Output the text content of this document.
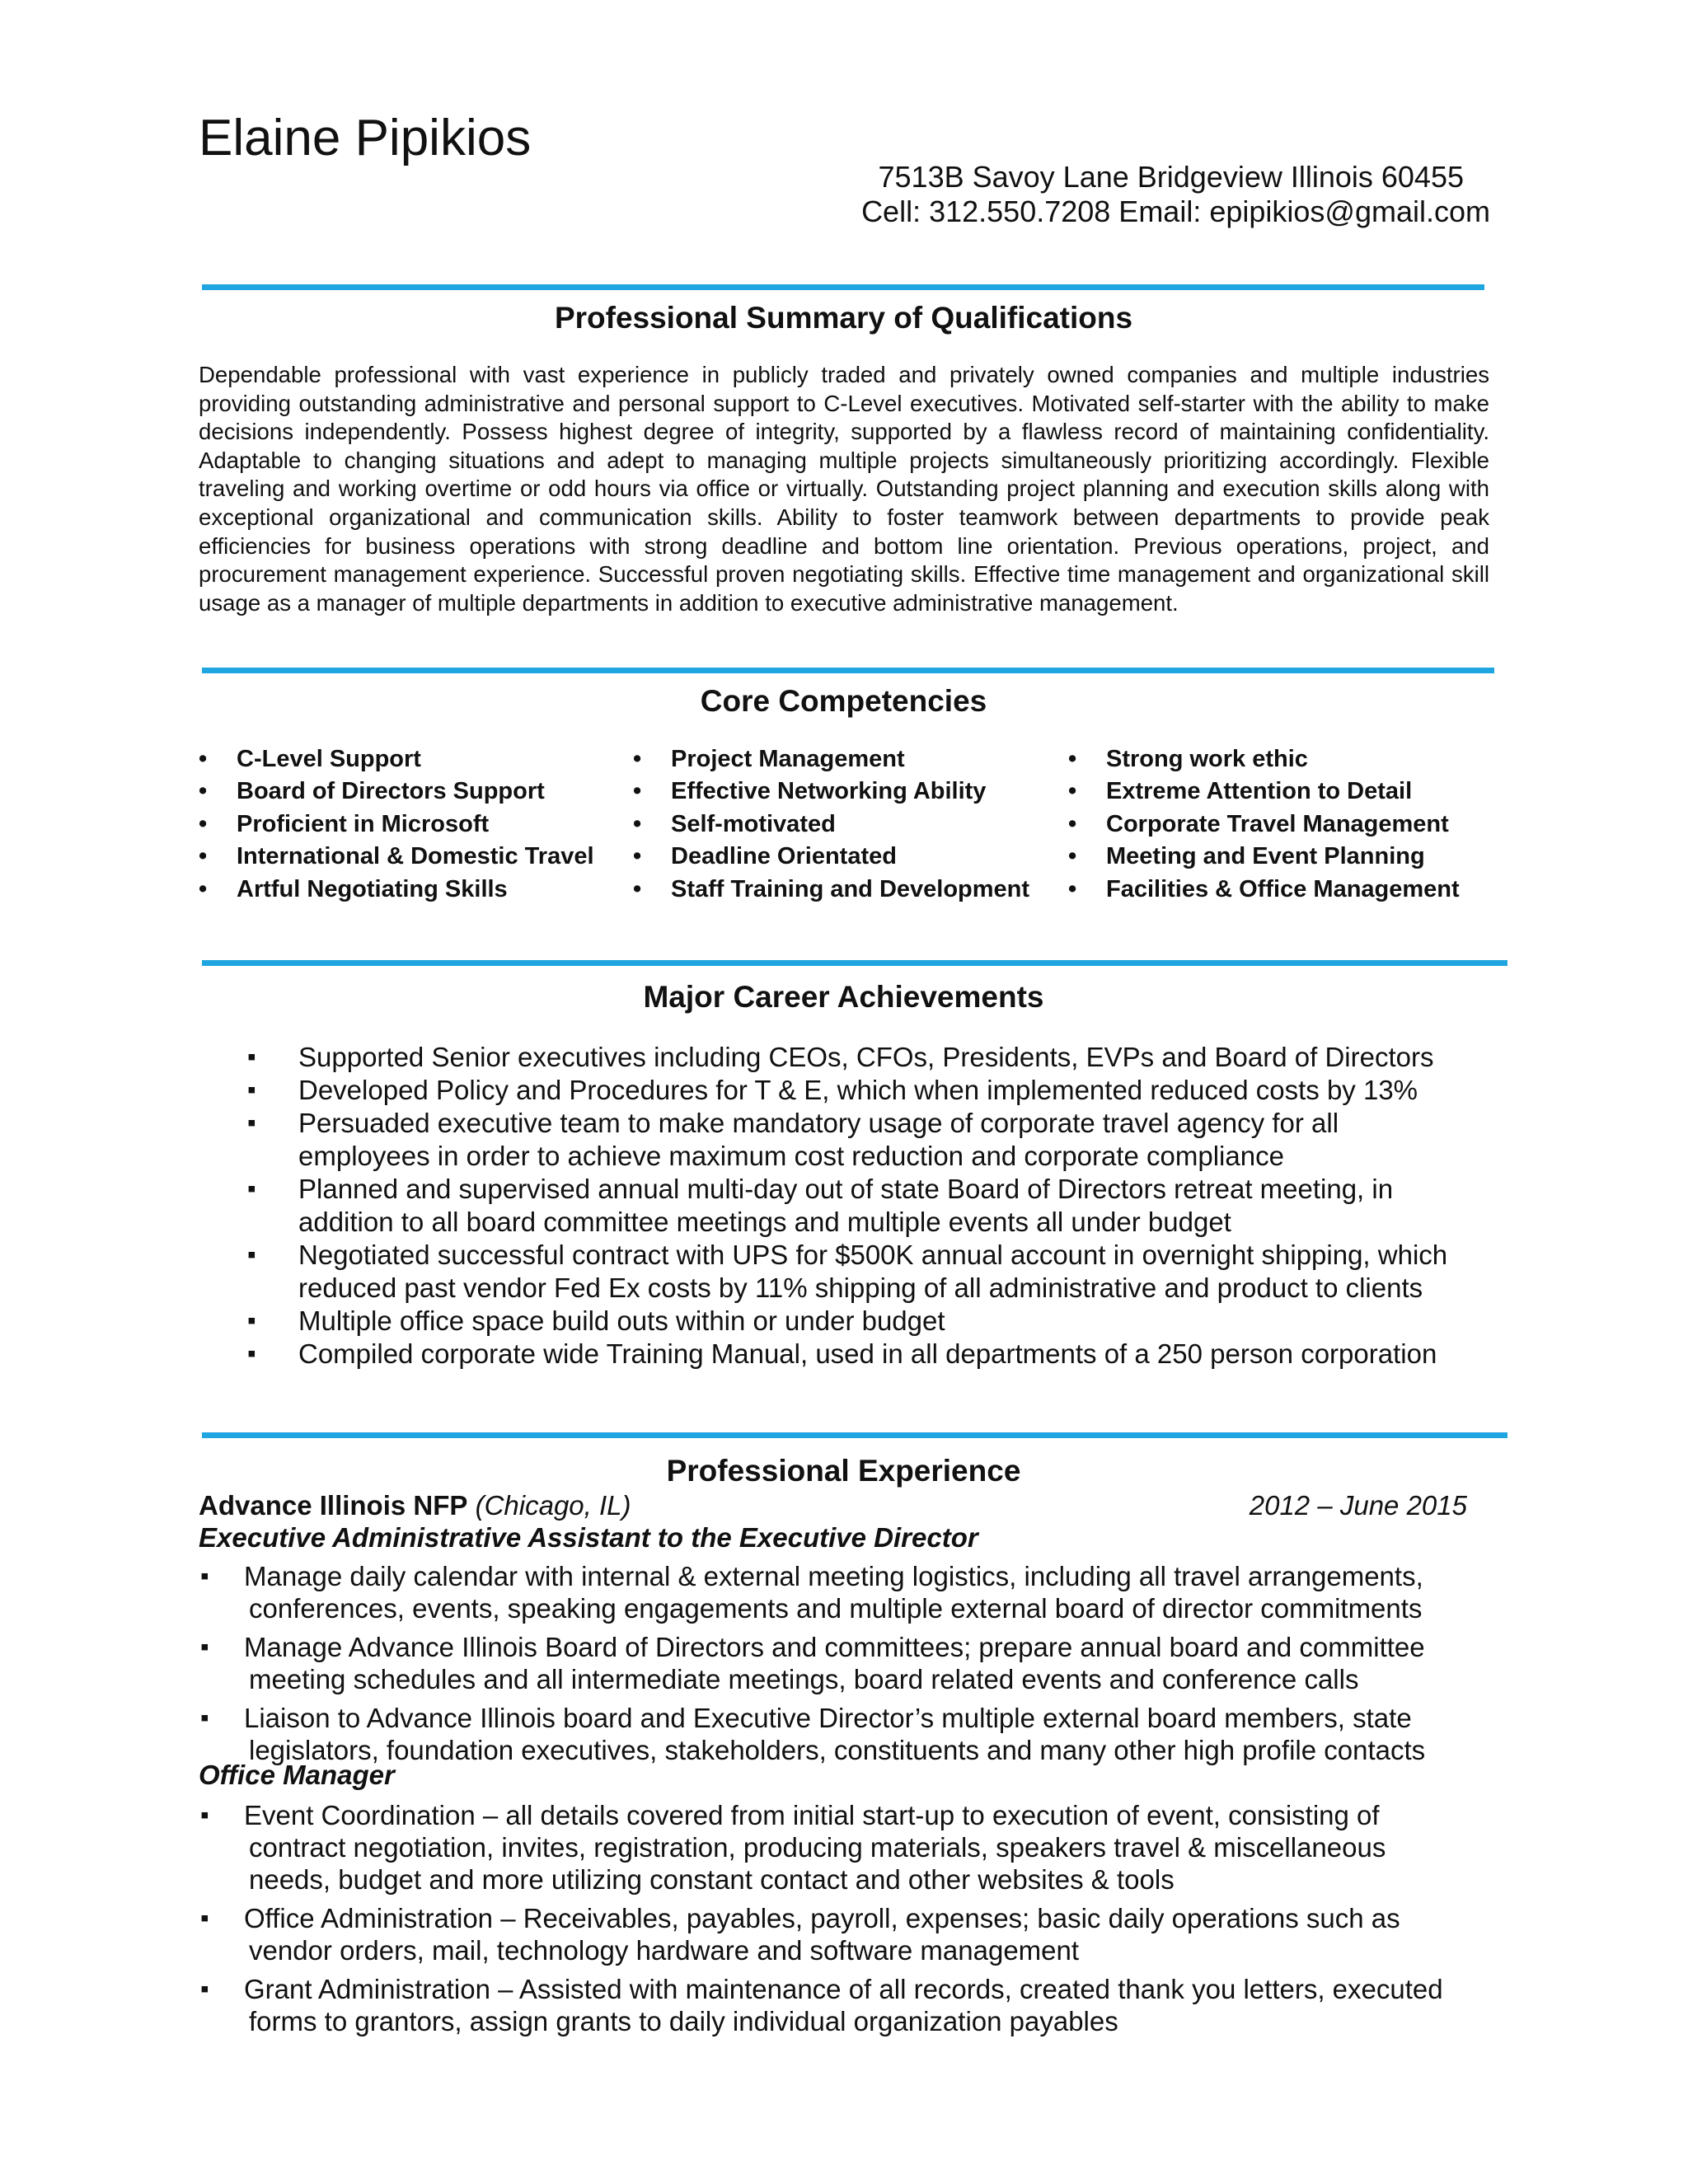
Elaine Pipikios
7513B Savoy Lane Bridgeview Illinois 60455
Cell: 312.550.7208 Email: epipikios@gmail.com
Professional Summary of Qualifications
Dependable professional with vast experience in publicly traded and privately owned companies and multiple industries providing outstanding administrative and personal support to C-Level executives. Motivated self-starter with the ability to make decisions independently. Possess highest degree of integrity, supported by a flawless record of maintaining confidentiality. Adaptable to changing situations and adept to managing multiple projects simultaneously prioritizing accordingly. Flexible traveling and working overtime or odd hours via office or virtually. Outstanding project planning and execution skills along with exceptional organizational and communication skills. Ability to foster teamwork between departments to provide peak efficiencies for business operations with strong deadline and bottom line orientation. Previous operations, project, and procurement management experience. Successful proven negotiating skills. Effective time management and organizational skill usage as a manager of multiple departments in addition to executive administrative management.
Core Competencies
• C-Level Support
• Board of Directors Support
• Proficient in Microsoft
• International & Domestic Travel
• Artful Negotiating Skills
• Project Management
• Effective Networking Ability
• Self-motivated
• Deadline Orientated
• Staff Training and Development
• Strong work ethic
• Extreme Attention to Detail
• Corporate Travel Management
• Meeting and Event Planning
• Facilities & Office Management
Major Career Achievements
▪ Supported Senior executives including CEOs, CFOs, Presidents, EVPs and Board of Directors
▪ Developed Policy and Procedures for T & E, which when implemented reduced costs by 13%
▪ Persuaded executive team to make mandatory usage of corporate travel agency for all
employees in order to achieve maximum cost reduction and corporate compliance
▪ Planned and supervised annual multi-day out of state Board of Directors retreat meeting, in
addition to all board committee meetings and multiple events all under budget
▪ Negotiated successful contract with UPS for $500K annual account in overnight shipping, which
reduced past vendor Fed Ex costs by 11% shipping of all administrative and product to clients
▪ Multiple office space build outs within or under budget
▪ Compiled corporate wide Training Manual, used in all departments of a 250 person corporation
Professional Experience
Advance Illinois NFP (Chicago, IL)	2012 – June 2015
Executive Administrative Assistant to the Executive Director
▪ Manage daily calendar with internal & external meeting logistics, including all travel arrangements,
conferences, events, speaking engagements and multiple external board of director commitments
▪ Manage Advance Illinois Board of Directors and committees; prepare annual board and committee
meeting schedules and all intermediate meetings, board related events and conference calls
▪ Liaison to Advance Illinois board and Executive Director’s multiple external board members, state
legislators, foundation executives, stakeholders, constituents and many other high profile contacts
Office Manager
▪ Event Coordination – all details covered from initial start-up to execution of event, consisting of
contract negotiation, invites, registration, producing materials, speakers travel & miscellaneous
needs, budget and more utilizing constant contact and other websites & tools
▪ Office Administration – Receivables, payables, payroll, expenses; basic daily operations such as
vendor orders, mail, technology hardware and software management
▪ Grant Administration – Assisted with maintenance of all records, created thank you letters, executed
forms to grantors, assign grants to daily individual organization payables
